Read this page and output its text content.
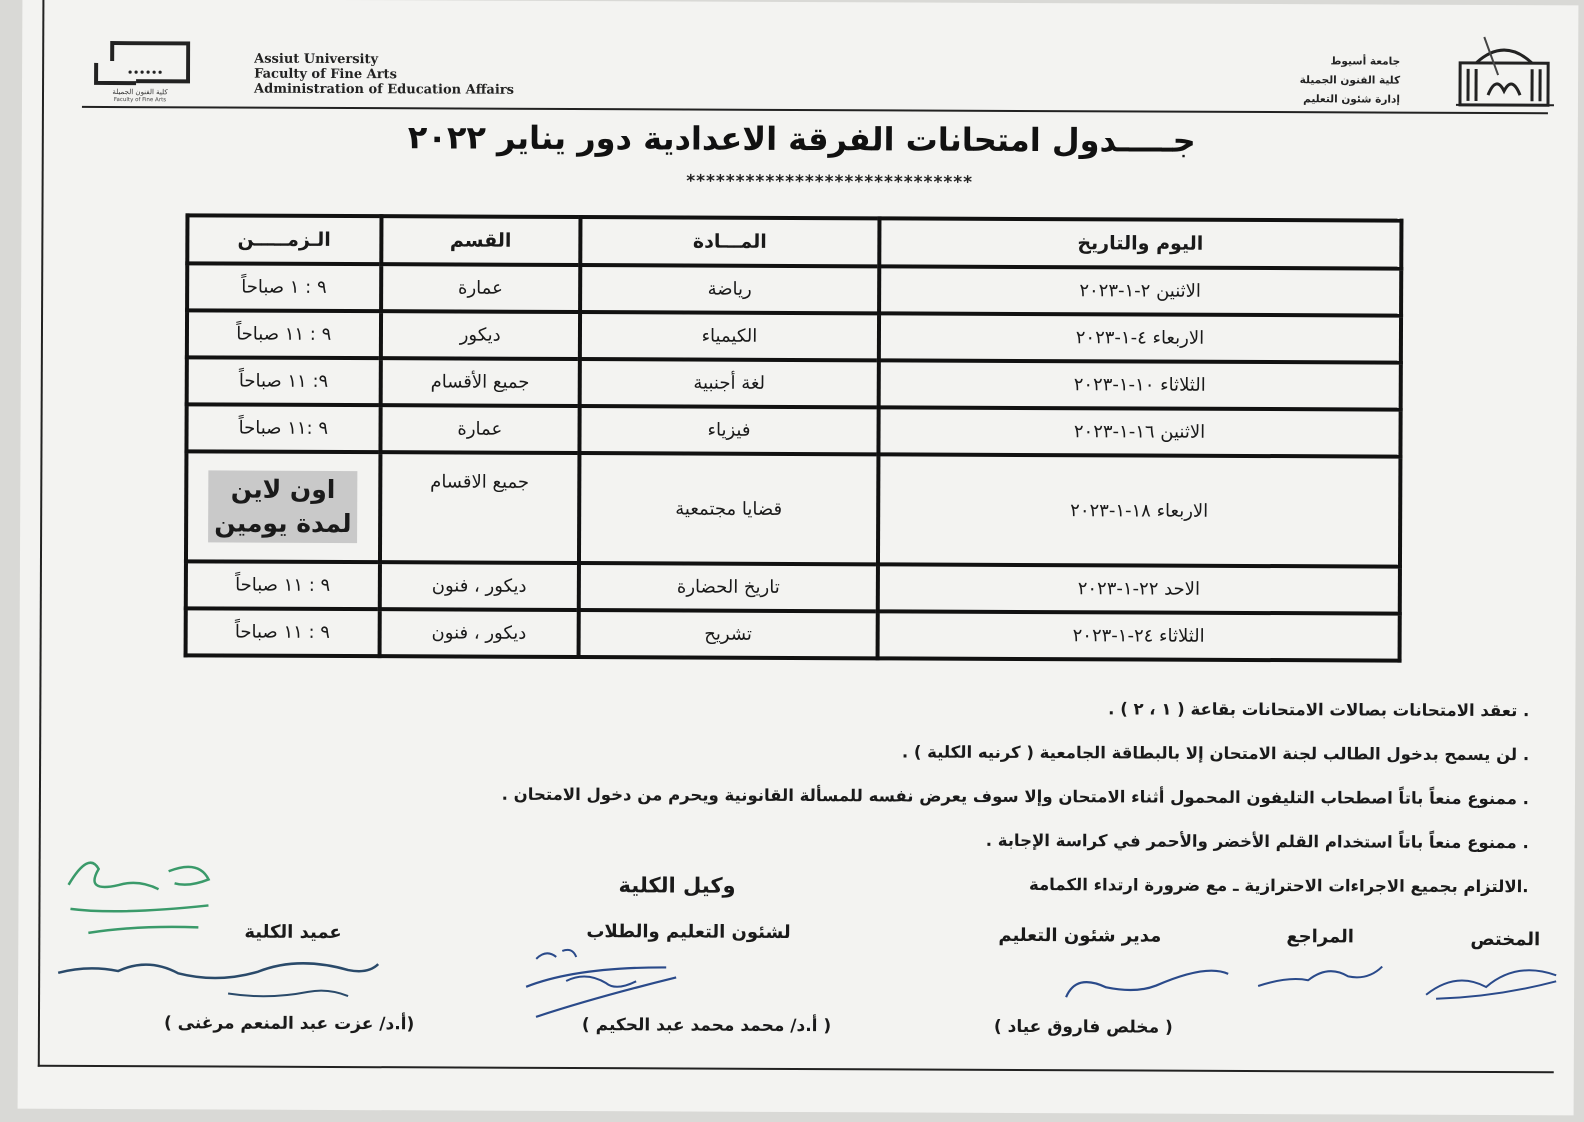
كلية الفنون الجميلة
Faculty of Fine Arts
Assiut University
Faculty of Fine Arts
Administration of Education Affairs
جامعة أسيوط
كلية الفنون الجميلة
إدارة شئون التعليم
جـــــدول امتحانات الفرقة الاعدادية دور يناير ٢٠٢٢
*****************************
اليوم والتاريخ	المـــادة	القسم	الـزمـــــن
الاثنين ٢-١-٢٠٢٣	رياضة	عمارة	٩ : ١ صباحاً
الاربعاء ٤-١-٢٠٢٣	الكيمياء	ديكور	٩ : ١١ صباحاً
الثلاثاء ١٠-١-٢٠٢٣	لغة أجنبية	جميع الأقسام	٩: ١١ صباحاً
الاثنين ١٦-١-٢٠٢٣	فيزياء	عمارة	٩ :١١ صباحاً
الاربعاء ١٨-١-٢٠٢٣	قضايا مجتمعية	جميع الاقسام	اون لاين
لمدة يومين
الاحد ٢٢-١-٢٠٢٣	تاريخ الحضارة	ديكور ، فنون	٩ : ١١ صباحاً
الثلاثاء ٢٤-١-٢٠٢٣	تشريح	ديكور ، فنون	٩ : ١١ صباحاً
. تعقد الامتحانات بصالات الامتحانات بقاعة ( ١ ، ٢ ) .
. لن يسمح بدخول الطالب لجنة الامتحان إلا بالبطاقة الجامعية ( كرنيه الكلية ) .
. ممنوع منعاً باتاً اصطحاب التليفون المحمول أثناء الامتحان وإلا سوف يعرض نفسه للمسألة القانونية ويحرم من دخول الامتحان .
. ممنوع منعاً باتاً استخدام القلم الأخضر والأحمر في كراسة الإجابة .
.الالتزام بجميع الاجراءات الاحترازية ـ مع ضرورة ارتداء الكمامة
وكيل الكلية
المختص
المراجع
مدير شئون التعليم
لشئون التعليم والطلاب
عميد الكلية
( مخلص فاروق عياد )
( أ.د/ محمد محمد عبد الحكيم )
(أ.د/ عزت عبد المنعم مرغنى )
